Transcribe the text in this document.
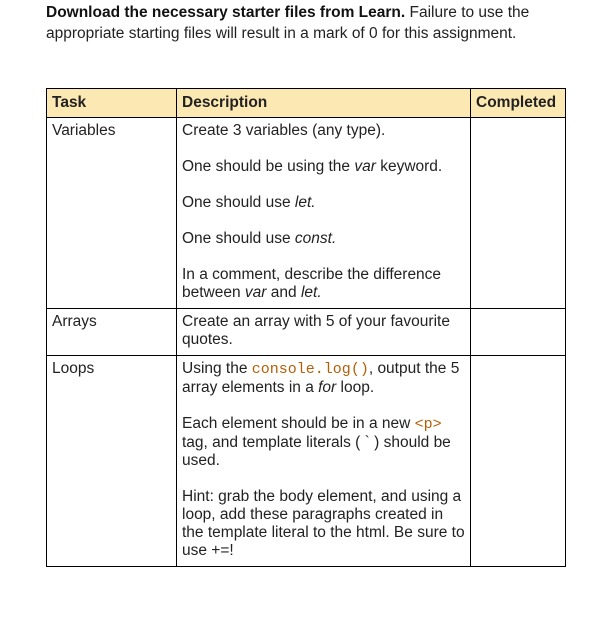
Download the necessary starter files from Learn. Failure to use the appropriate starting files will result in a mark of 0 for this assignment.

Task	Description	Completed
Variables	Create 3 variables (any type).

One should be using the var keyword.

One should use let.

One should use const.

In a comment, describe the difference between var and let.	

Arrays	Create an array with 5 of your favourite quotes.	

Loops	Using the console.log(), output the 5 array elements in a for loop.

Each element should be in a new <p> tag, and template literals ( ` ) should be used.

Hint: grab the body element, and using a loop, add these paragraphs created in the template literal to the html. Be sure to use +=!	
